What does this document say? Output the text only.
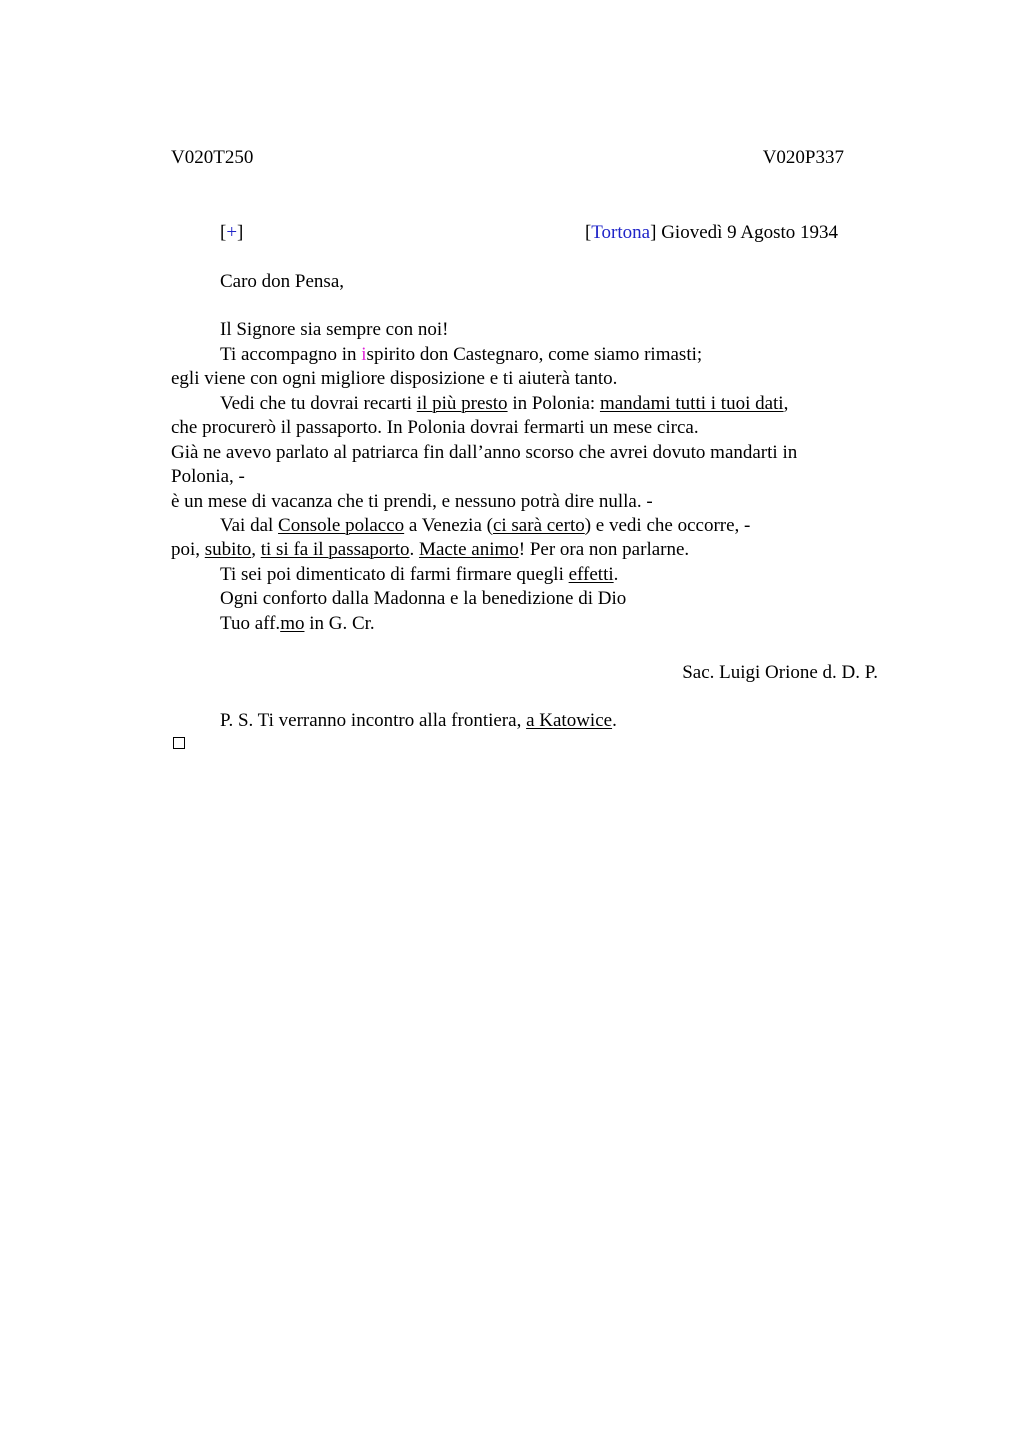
V020T250	V020P337
[+]	[Tortona] Giovedì 9 Agosto 1934
Caro don Pensa,
Il Signore sia sempre con noi!
Ti accompagno in ispirito don Castegnaro, come siamo rimasti;
egli viene con ogni migliore disposizione e ti aiuterà tanto.
Vedi che tu dovrai recarti il più presto in Polonia: mandami tutti i tuoi dati,
che procurerò il passaporto. In Polonia dovrai fermarti un mese circa.
Già ne avevo parlato al patriarca fin dall’anno scorso che avrei dovuto mandarti in
Polonia, -
è un mese di vacanza che ti prendi, e nessuno potrà dire nulla. -
Vai dal Console polacco a Venezia (ci sarà certo) e vedi che occorre, -
poi, subito, ti si fa il passaporto. Macte animo! Per ora non parlarne.
Ti sei poi dimenticato di farmi firmare quegli effetti.
Ogni conforto dalla Madonna e la benedizione di Dio
Tuo aff.mo in G. Cr.
Sac. Luigi Orione d. D. P.
P. S. Ti verranno incontro alla frontiera, a Katowice.
